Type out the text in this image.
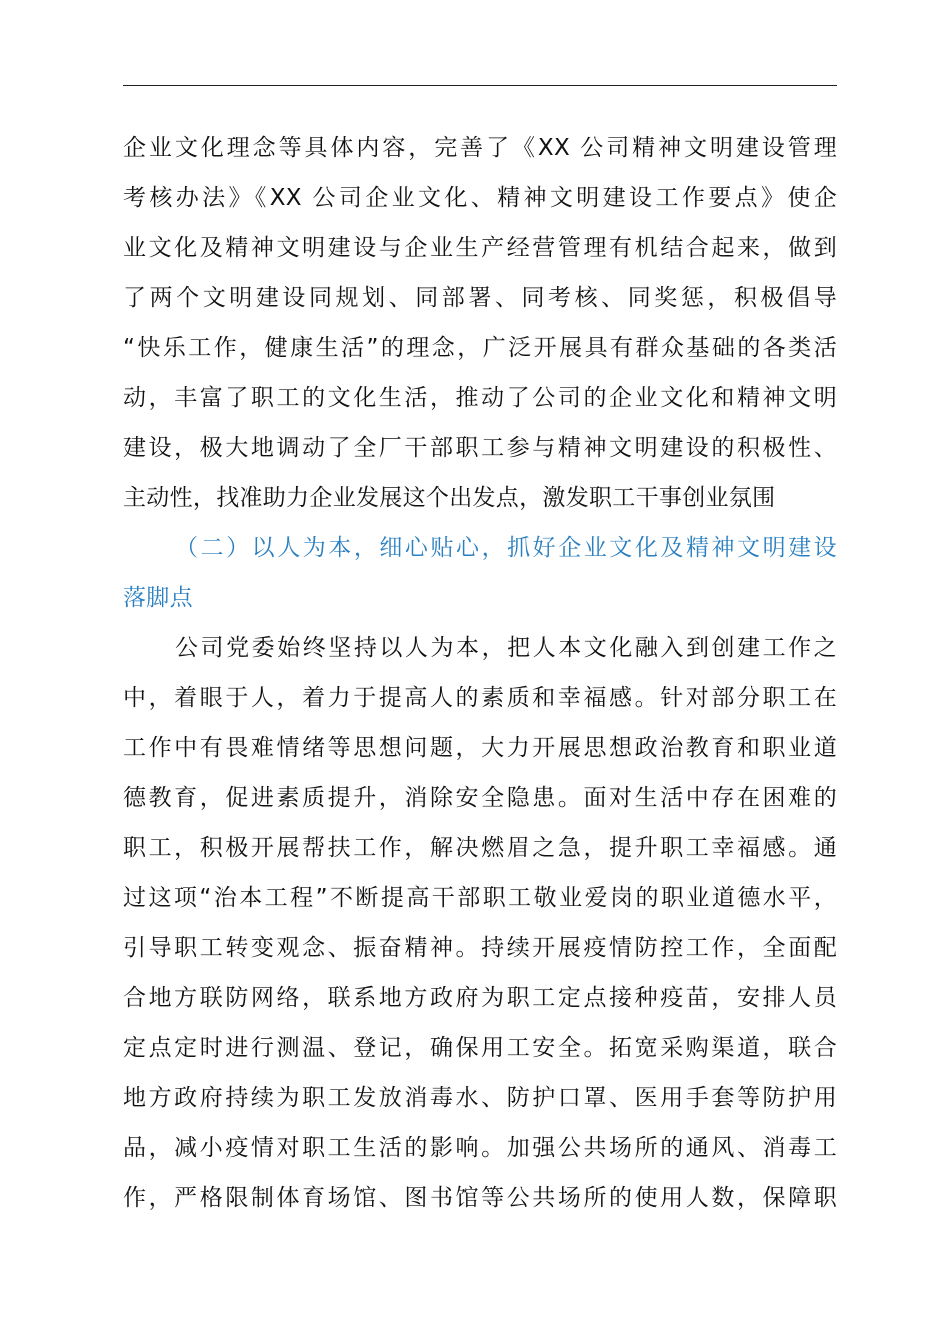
企业文化理念等具体内容，完善了《XX 公司精神文明建设管理
考核办法》《XX 公司企业文化、精神文明建设工作要点》使企
业文化及精神文明建设与企业生产经营管理有机结合起来，做到
了两个文明建设同规划、同部署、同考核、同奖惩，积极倡导
“快乐工作，健康生活”的理念，广泛开展具有群众基础的各类活
动，丰富了职工的文化生活，推动了公司的企业文化和精神文明
建设，极大地调动了全厂干部职工参与精神文明建设的积极性、
主动性，找准助力企业发展这个出发点，激发职工干事创业氛围
（二）以人为本，细心贴心，抓好企业文化及精神文明建设
落脚点
公司党委始终坚持以人为本，把人本文化融入到创建工作之
中，着眼于人，着力于提高人的素质和幸福感。针对部分职工在
工作中有畏难情绪等思想问题，大力开展思想政治教育和职业道
德教育，促进素质提升，消除安全隐患。面对生活中存在困难的
职工，积极开展帮扶工作，解决燃眉之急，提升职工幸福感。通
过这项“治本工程”不断提高干部职工敬业爱岗的职业道德水平，
引导职工转变观念、振奋精神。持续开展疫情防控工作，全面配
合地方联防网络，联系地方政府为职工定点接种疫苗，安排人员
定点定时进行测温、登记，确保用工安全。拓宽采购渠道，联合
地方政府持续为职工发放消毒水、防护口罩、医用手套等防护用
品，减小疫情对职工生活的影响。加强公共场所的通风、消毒工
作，严格限制体育场馆、图书馆等公共场所的使用人数，保障职
